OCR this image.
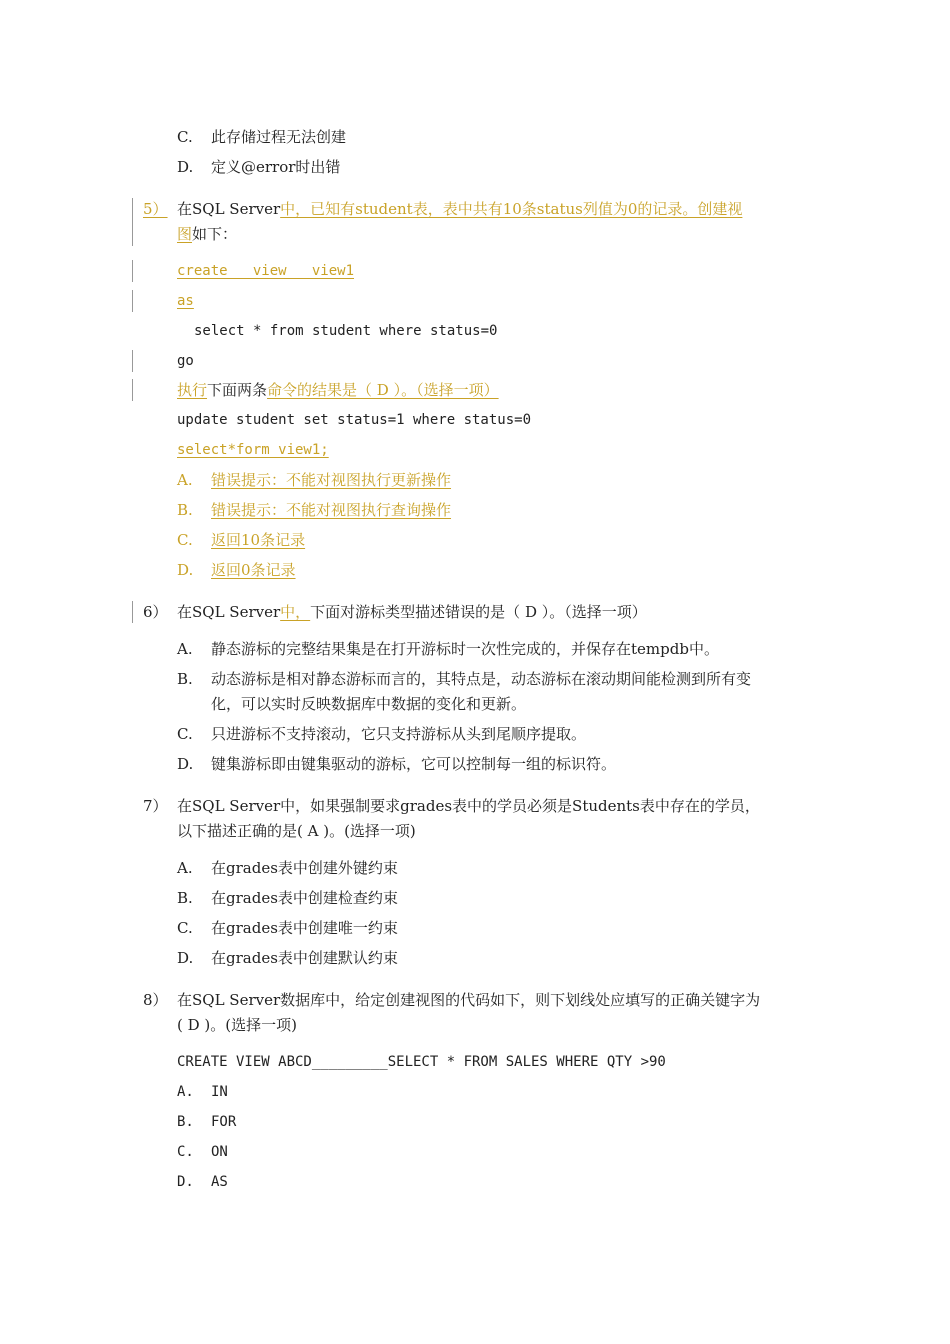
C. 此存储过程无法创建
D. 定义@error时出错
5） 在SQL Server中，已知有student表，表中共有10条status列值为0的记录。创建视
图如下：
create   view   view1
as
select * from student where status=0
go
执行下面两条命令的结果是（ D ）。（选择一项）
update student set status=1 where status=0
select*form view1;
A. 错误提示：不能对视图执行更新操作
B. 错误提示：不能对视图执行查询操作
C. 返回10条记录
D. 返回0条记录
6） 在SQL Server中，下面对游标类型描述错误的是（ D ）。（选择一项）
A. 静态游标的完整结果集是在打开游标时一次性完成的，并保存在tempdb中。
B. 动态游标是相对静态游标而言的，其特点是，动态游标在滚动期间能检测到所有变
化，可以实时反映数据库中数据的变化和更新。
C. 只进游标不支持滚动，它只支持游标从头到尾顺序提取。
D. 键集游标即由键集驱动的游标，它可以控制每一组的标识符。
7） 在SQL Server中，如果强制要求grades表中的学员必须是Students表中存在的学员，
以下描述正确的是( A )。(选择一项)
A. 在grades表中创建外键约束
B. 在grades表中创建检查约束
C. 在grades表中创建唯一约束
D. 在grades表中创建默认约束
8） 在SQL Server数据库中，给定创建视图的代码如下，则下划线处应填写的正确关键字为
( D )。(选择一项)
CREATE VIEW ABCD_________SELECT * FROM SALES WHERE QTY >90
A. IN
B. FOR
C. ON
D. AS
